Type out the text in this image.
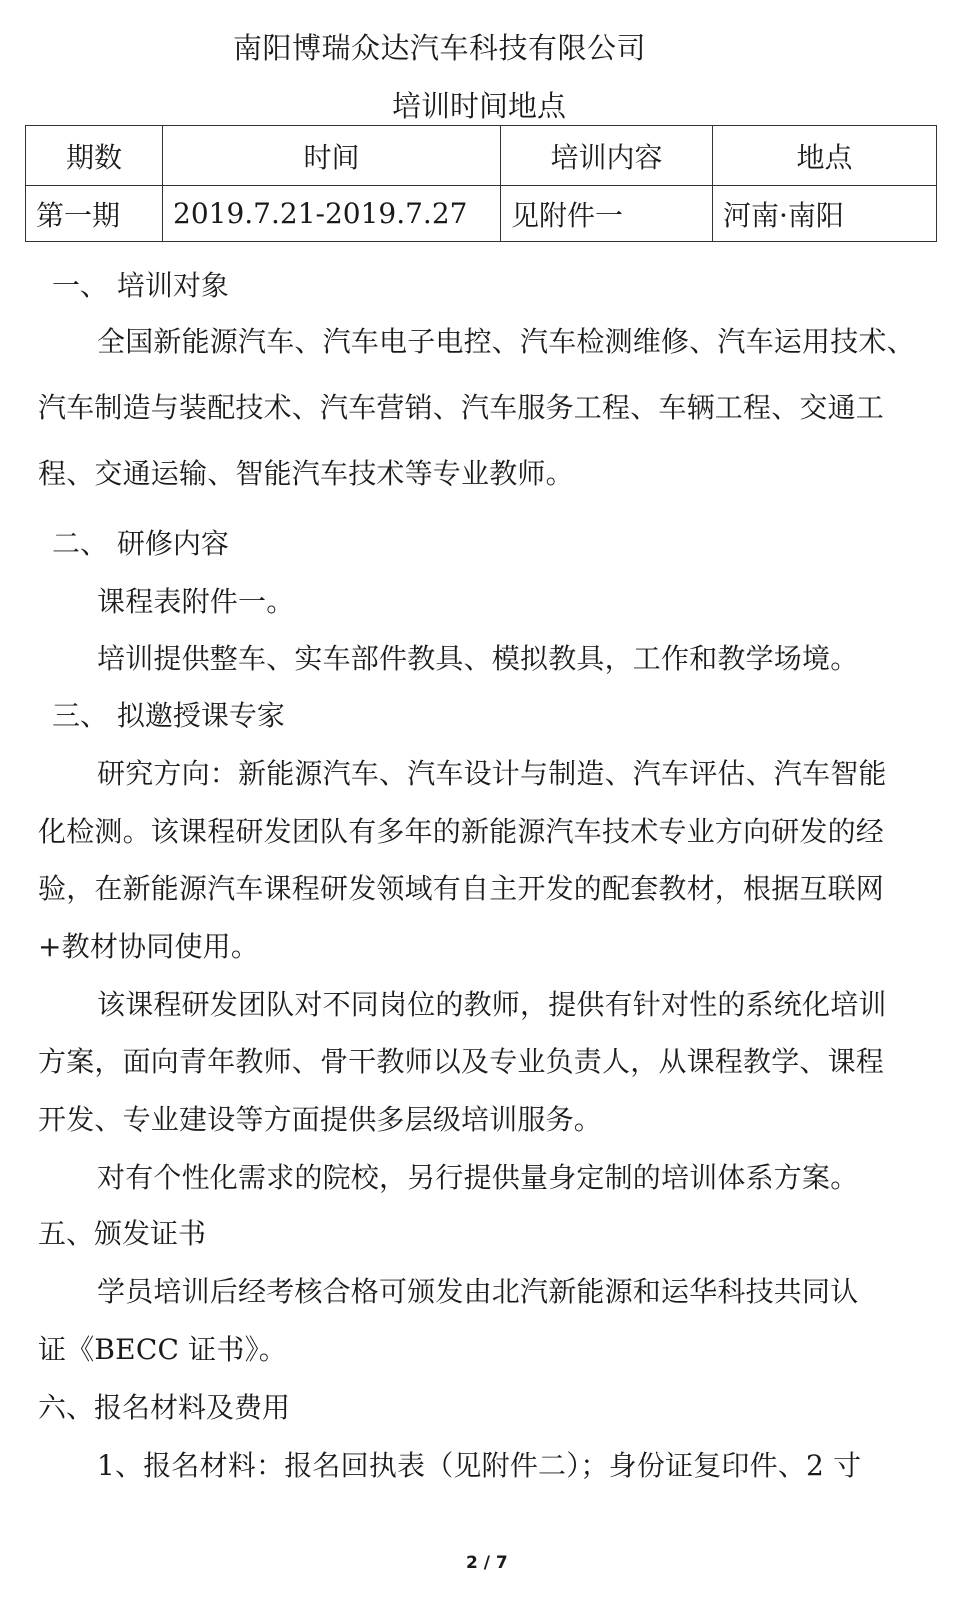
南阳博瑞众达汽车科技有限公司
培训时间地点
期数	时间	培训内容	地点
第一期	2019.7.21-2019.7.27	见附件一	河南·南阳
一、 培训对象
全国新能源汽车、汽车电子电控、汽车检测维修、汽车运用技术、
汽车制造与装配技术、汽车营销、汽车服务工程、车辆工程、交通工
程、交通运输、智能汽车技术等专业教师。
二、 研修内容
课程表附件一。
培训提供整车、实车部件教具、模拟教具，工作和教学场境。
三、 拟邀授课专家
研究方向：新能源汽车、汽车设计与制造、汽车评估、汽车智能
化检测。该课程研发团队有多年的新能源汽车技术专业方向研发的经
验，在新能源汽车课程研发领域有自主开发的配套教材，根据互联网
+教材协同使用。
该课程研发团队对不同岗位的教师，提供有针对性的系统化培训
方案，面向青年教师、骨干教师以及专业负责人，从课程教学、课程
开发、专业建设等方面提供多层级培训服务。
对有个性化需求的院校，另行提供量身定制的培训体系方案。
五、颁发证书
学员培训后经考核合格可颁发由北汽新能源和运华科技共同认
证《BECC 证书》。
六、报名材料及费用
1、报名材料：报名回执表（见附件二）；身份证复印件、2 寸
2 / 7
